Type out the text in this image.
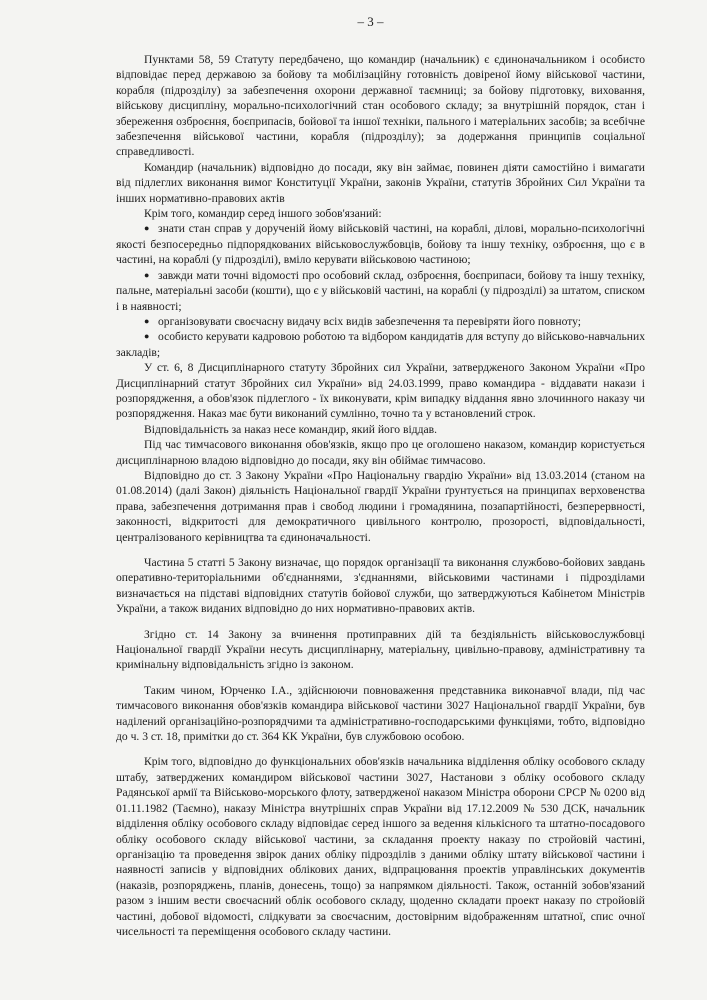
– 3 –

Пунктами 58, 59 Статуту передбачено, що командир (начальник) є єдиноначальником і особисто відповідає перед державою за бойову та мобілізаційну готовність довіреної йому військової частини, корабля (підрозділу) за забезпечення охорони державної таємниці; за бойову підготовку, виховання, військову дисципліну, морально-психологічний стан особового складу; за внутрішній порядок, стан і збереження озброєння, боєприпасів, бойової та іншої техніки, пального і матеріальних засобів; за всебічне забезпечення військової частини, корабля (підрозділу); за додержання принципів соціальної справедливості.

Командир (начальник) відповідно до посади, яку він займає, повинен діяти самостійно і вимагати від підлеглих виконання вимог Конституції України, законів України, статутів Збройних Сил України та інших нормативно-правових актів

Крім того, командир серед іншого зобов'язаний:

● знати стан справ у дорученій йому військовій частині, на кораблі, ділові, морально-психологічні якості безпосередньо підпорядкованих військовослужбовців, бойову та іншу техніку, озброєння, що є в частині, на кораблі (у підрозділі), вміло керувати військовою частиною;
● завжди мати точні відомості про особовий склад, озброєння, боєприпаси, бойову та іншу техніку, пальне, матеріальні засоби (кошти), що є у військовій частині, на кораблі (у підрозділі) за штатом, списком і в наявності;
● організовувати своєчасну видачу всіх видів забезпечення та перевіряти його повноту;
● особисто керувати кадровою роботою та відбором кандидатів для вступу до військово-навчальних закладів;

У ст. 6, 8 Дисциплінарного статуту Збройних сил України, затвердженого Законом України «Про Дисциплінарний статут Збройних сил України» від 24.03.1999, право командира - віддавати накази і розпорядження, а обов'язок підлеглого - їх виконувати, крім випадку віддання явно злочинного наказу чи розпорядження. Наказ має бути виконаний сумлінно, точно та у встановлений строк.

Відповідальність за наказ несе командир, який його віддав.

Під час тимчасового виконання обов'язків, якщо про це оголошено наказом, командир користується дисциплінарною владою відповідно до посади, яку він обіймає тимчасово.

Відповідно до ст. 3 Закону України «Про Національну гвардію України» від 13.03.2014 (станом на 01.08.2014) (далі Закон) діяльність Національної гвардії України ґрунтується на принципах верховенства права, забезпечення дотримання прав і свобод людини і громадянина, позапартійності, безперервності, законності, відкритості для демократичного цивільного контролю, прозорості, відповідальності, централізованого керівництва та єдиноначальності.

Частина 5 статті 5 Закону визначає, що порядок організації та виконання службово-бойових завдань оперативно-територіальними об'єднаннями, з'єднаннями, військовими частинами і підрозділами визначається на підставі відповідних статутів бойової служби, що затверджуються Кабінетом Міністрів України, а також виданих відповідно до них нормативно-правових актів.

Згідно ст. 14 Закону за вчинення протиправних дій та бездіяльність військовослужбовці Національної гвардії України несуть дисциплінарну, матеріальну, цивільно-правову, адміністративну та кримінальну відповідальність згідно із законом.

Таким чином, Юрченко І.А., здійснюючи повноваження представника виконавчої влади, під час тимчасового виконання обов'язків командира військової частини 3027 Національної гвардії України, був наділений організаційно-розпорядчими та адміністративно-господарськими функціями, тобто, відповідно до ч. 3 ст. 18, примітки до ст. 364 КК України, був службовою особою.

Крім того, відповідно до функціональних обов'язків начальника відділення обліку особового складу штабу, затверджених командиром військової частини 3027, Настанови з обліку особового складу Радянської армії та Військово-морського флоту, затвердженої наказом Міністра оборони СРСР № 0200 від 01.11.1982 (Таємно), наказу Міністра внутрішніх справ України від 17.12.2009 № 530 ДСК, начальник відділення обліку особового складу відповідає серед іншого за ведення кількісного та штатно-посадового обліку особового складу військової частини, за складання проекту наказу по стройовій частині, організацію та проведення звірок даних обліку підрозділів з даними обліку штату військової частини і наявності записів у відповідних облікових даних, відпрацювання проектів управлінських документів (наказів, розпоряджень, планів, донесень, тощо) за напрямком діяльності. Також, останній зобов'язаний разом з іншим вести своєчасний облік особового складу, щоденно складати проект наказу по стройовій частині, добової відомості, слідкувати за своєчасним, достовірним відображенням штатної, спис очної чисельності та переміщення особового складу частини.
